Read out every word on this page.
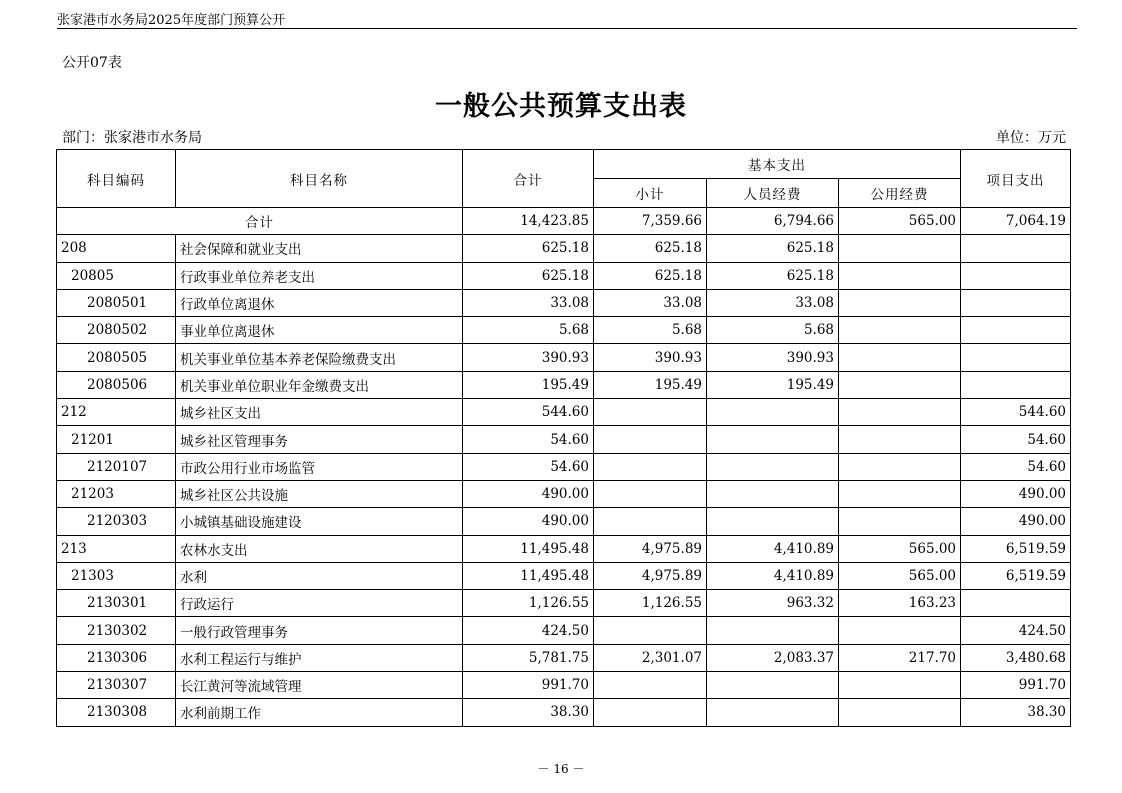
张家港市水务局2025年度部门预算公开
公开07表
一般公共预算支出表
部门：张家港市水务局	单位：万元
科目编码	科目名称	合计	基本支出			项目支出
			小计	人员经费	公用经费	
合计		14,423.85	7,359.66	6,794.66	565.00	7,064.19
208	社会保障和就业支出	625.18	625.18	625.18		
20805	行政事业单位养老支出	625.18	625.18	625.18		
2080501	行政单位离退休	33.08	33.08	33.08		
2080502	事业单位离退休	5.68	5.68	5.68		
2080505	机关事业单位基本养老保险缴费支出	390.93	390.93	390.93		
2080506	机关事业单位职业年金缴费支出	195.49	195.49	195.49		
212	城乡社区支出	544.60				544.60
21201	城乡社区管理事务	54.60				54.60
2120107	市政公用行业市场监管	54.60				54.60
21203	城乡社区公共设施	490.00				490.00
2120303	小城镇基础设施建设	490.00				490.00
213	农林水支出	11,495.48	4,975.89	4,410.89	565.00	6,519.59
21303	水利	11,495.48	4,975.89	4,410.89	565.00	6,519.59
2130301	行政运行	1,126.55	1,126.55	963.32	163.23	
2130302	一般行政管理事务	424.50				424.50
2130306	水利工程运行与维护	5,781.75	2,301.07	2,083.37	217.70	3,480.68
2130307	长江黄河等流域管理	991.70				991.70
2130308	水利前期工作	38.30				38.30
－ 16 －
